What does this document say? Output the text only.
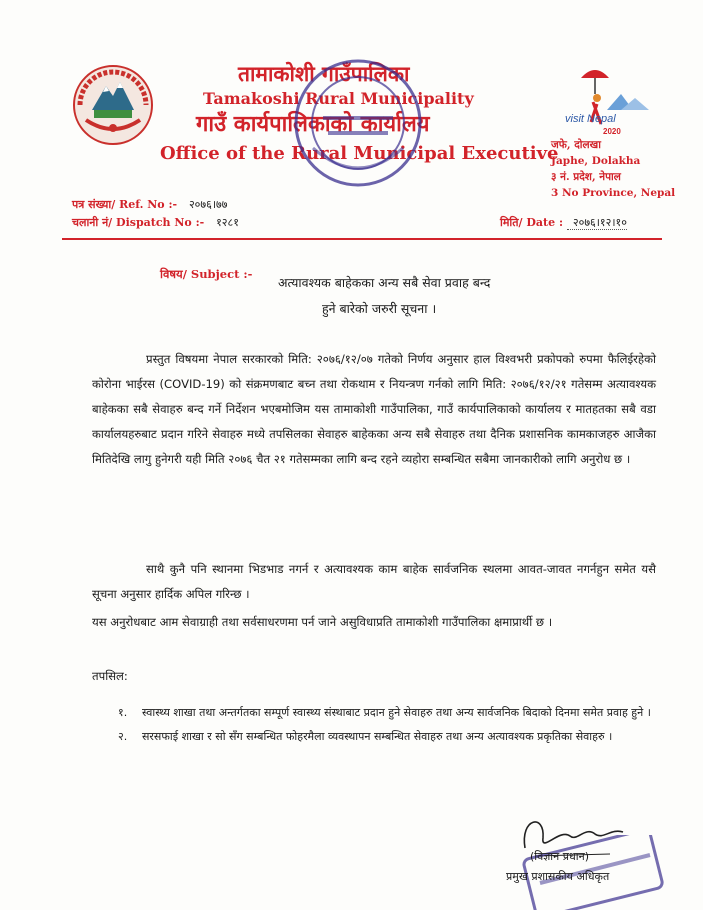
तामाकोशी गाउँपालिका
Tamakoshi Rural Municipality
गाउँ कार्यपालिकाको कार्यालय
Office of the Rural Municipal Executive
visit Nepal
2020
जफे, दोलखा
Japhe, Dolakha
३ नं. प्रदेश, नेपाल
3 No Province, Nepal
पत्र संख्या/ Ref. No :- २०७६।७७
चलानी नं/ Dispatch No :- १२८१	मिति/ Date : २०७६।१२।१०
विषय/ Subject :-
अत्यावश्यक बाहेकका अन्य सबै सेवा प्रवाह बन्द
हुने बारेको जरुरी सूचना ।
प्रस्तुत विषयमा नेपाल सरकारको मिति: २०७६/१२/०७ गतेको निर्णय अनुसार हाल विश्वभरी प्रकोपको रुपमा फैलिईरहेको कोरोना भाईरस (COVID-19) को संक्रमणबाट बच्न तथा रोकथाम र नियन्त्रण गर्नको लागि मिति: २०७६/१२/२१ गतेसम्म अत्यावश्यक बाहेकका सबै सेवाहरु बन्द गर्ने निर्देशन भएबमोजिम यस तामाकोशी गाउँपालिका, गाउँ कार्यपालिकाको कार्यालय र मातहतका सबै वडा कार्यालयहरुबाट प्रदान गरिने सेवाहरु मध्ये तपसिलका सेवाहरु बाहेकका अन्य सबै सेवाहरु तथा दैनिक प्रशासनिक कामकाजहरु आजैका मितिदेखि लागु हुनेगरी यही मिति २०७६ चैत २१ गतेसम्मका लागि बन्द रहने व्यहोरा सम्बन्धित सबैमा जानकारीको लागि अनुरोध छ ।
साथै कुनै पनि स्थानमा भिडभाड नगर्न र अत्यावश्यक काम बाहेक सार्वजनिक स्थलमा आवत-जावत नगर्नहुन समेत यसै सूचना अनुसार हार्दिक अपिल गरिन्छ ।
यस अनुरोधबाट आम सेवाग्राही तथा सर्वसाधरणमा पर्न जाने असुविधाप्रति तामाकोशी गाउँपालिका क्षमाप्रार्थी छ ।
तपसिल:
१.	स्वास्थ्य शाखा तथा अन्तर्गतका सम्पूर्ण स्वास्थ्य संस्थाबाट प्रदान हुने सेवाहरु तथा अन्य सार्वजनिक बिदाको दिनमा समेत प्रवाह हुने ।
२.	सरसफाई शाखा र सो सँग सम्बन्धित फोहरमैला व्यवस्थापन सम्बन्धित सेवाहरु तथा अन्य अत्यावश्यक प्रकृतिका सेवाहरु ।
(विज्ञान प्रधान)
प्रमुख प्रशासकीय अधिकृत
